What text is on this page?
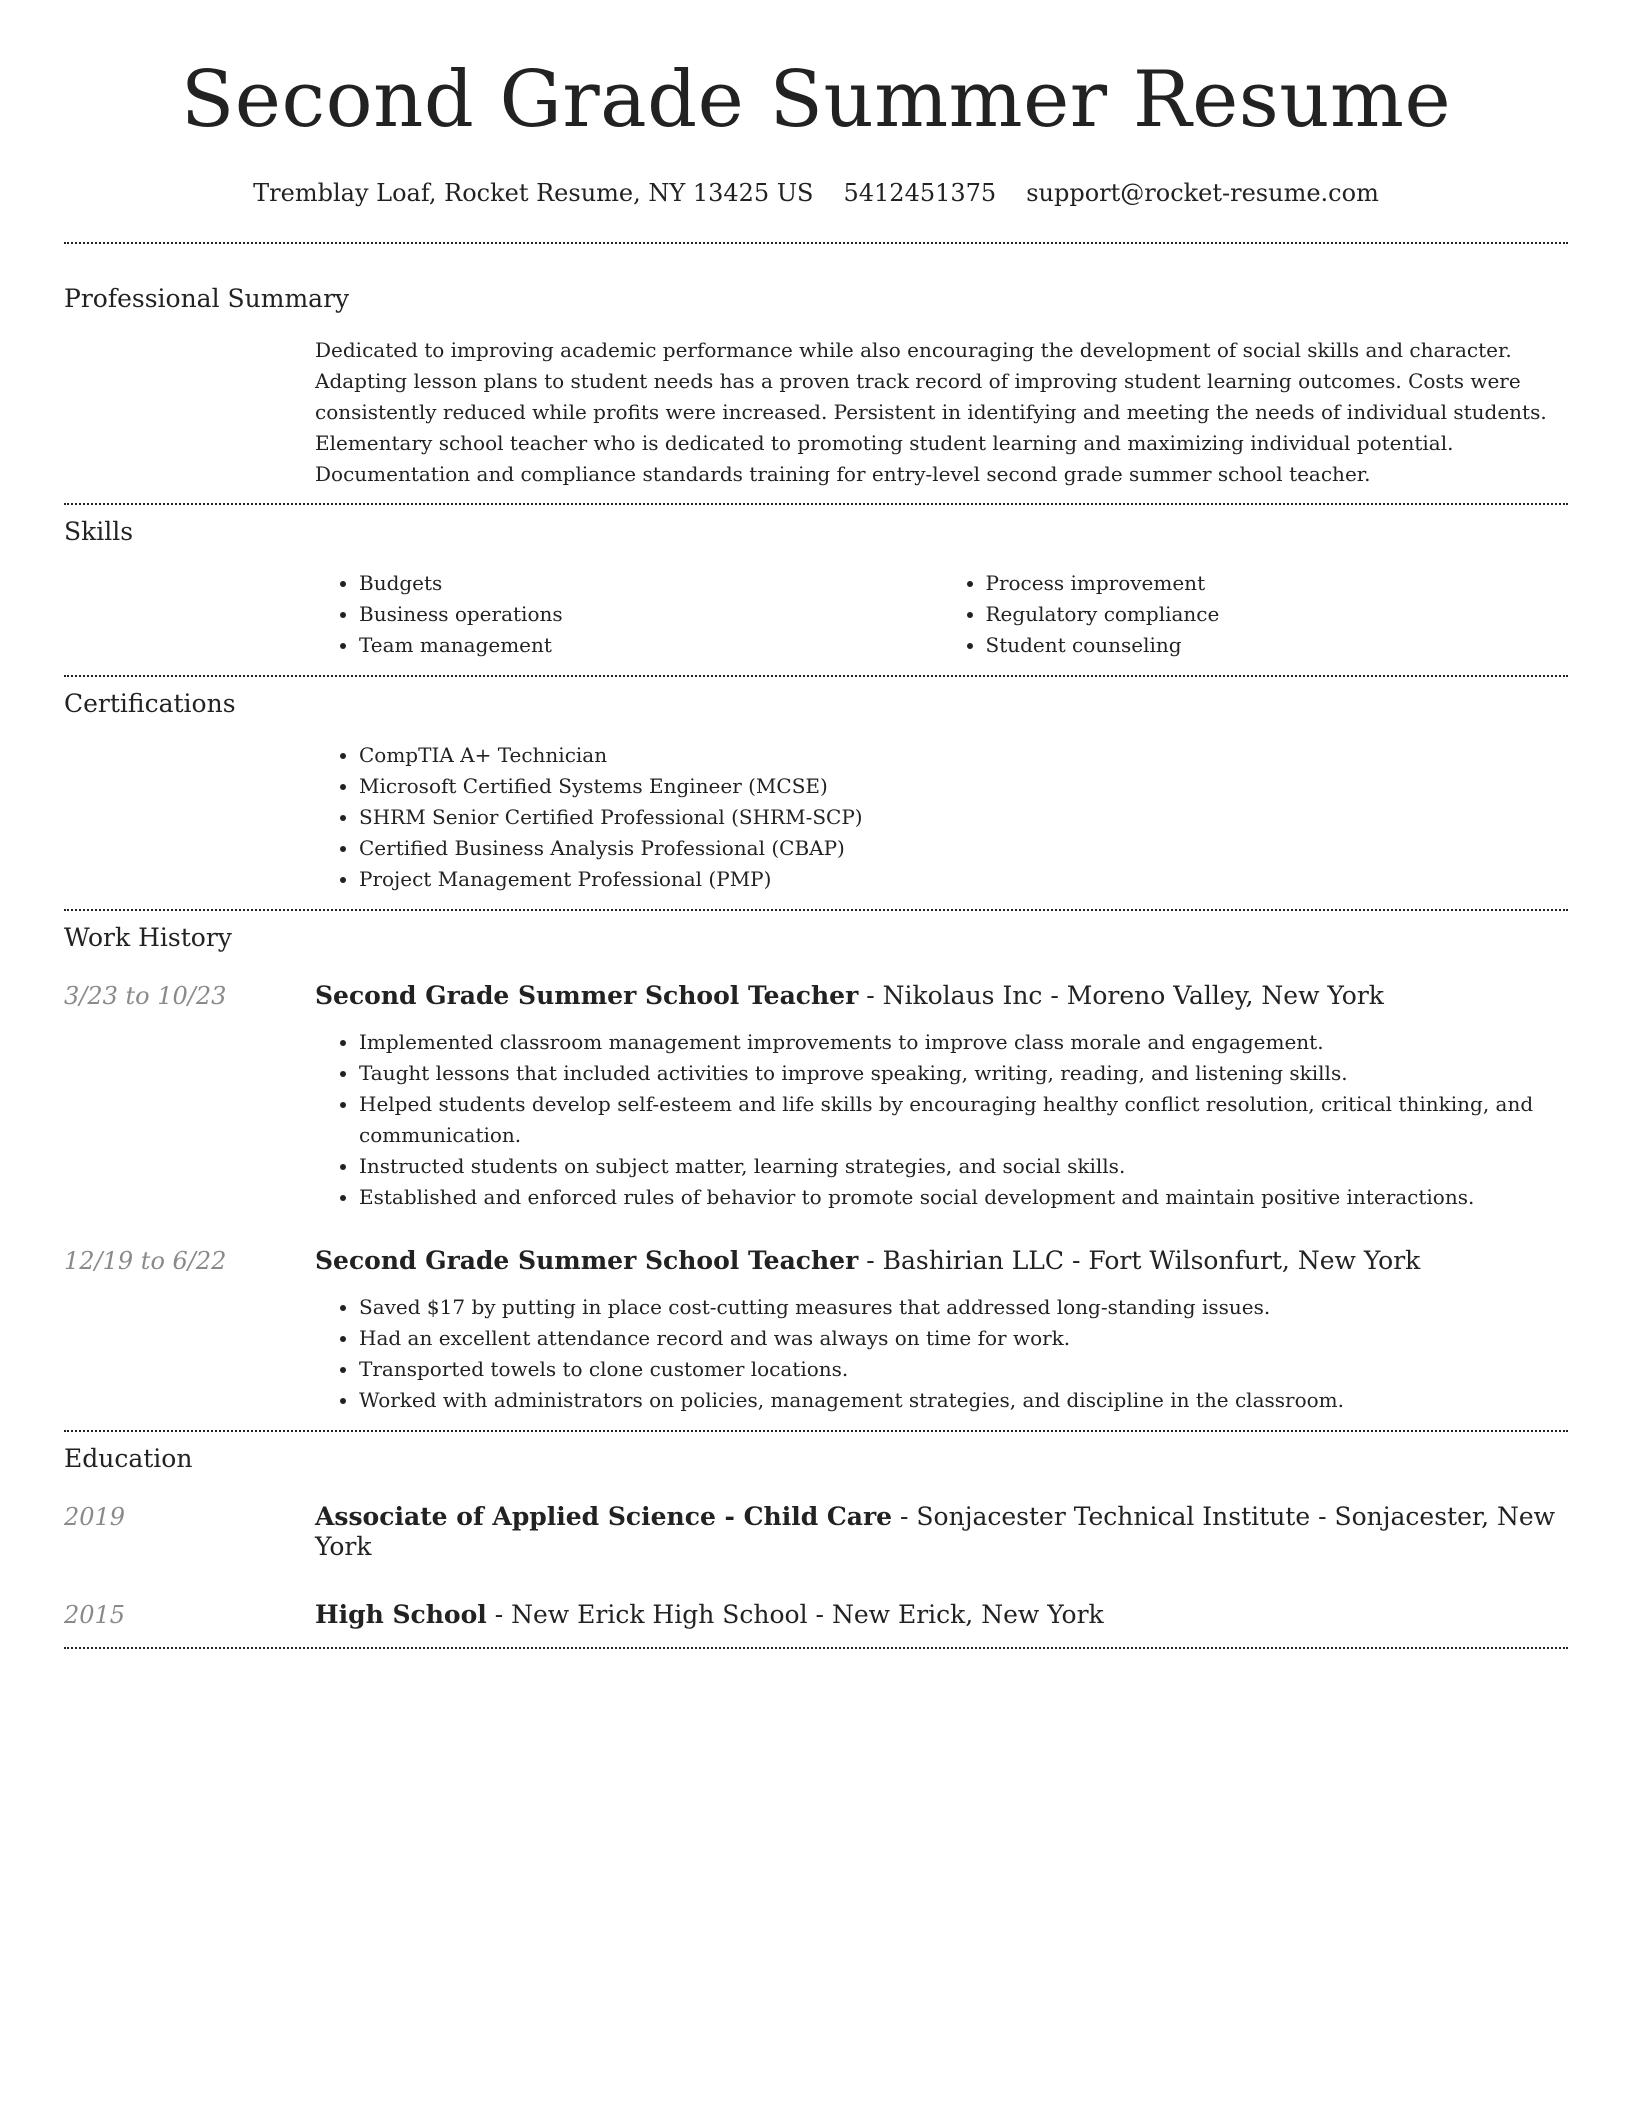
Second Grade Summer Resume
Tremblay Loaf, Rocket Resume, NY 13425 US 5412451375 support@rocket-resume.com
Professional Summary

Dedicated to improving academic performance while also encouraging the development of social skills and character. Adapting lesson plans to student needs has a proven track record of improving student learning outcomes. Costs were consistently reduced while profits were increased. Persistent in identifying and meeting the needs of individual students. Elementary school teacher who is dedicated to promoting student learning and maximizing individual potential. Documentation and compliance standards training for entry-level second grade summer school teacher.

Skills
• Budgets
• Business operations
• Team management
• Process improvement
• Regulatory compliance
• Student counseling
Certifications
• CompTIA A+ Technician
• Microsoft Certified Systems Engineer (MCSE)
• SHRM Senior Certified Professional (SHRM-SCP)
• Certified Business Analysis Professional (CBAP)
• Project Management Professional (PMP)
Work History
3/23 to 10/23	Second Grade Summer School Teacher - Nikolaus Inc - Moreno Valley, New York
• Implemented classroom management improvements to improve class morale and engagement.
• Taught lessons that included activities to improve speaking, writing, reading, and listening skills.
• Helped students develop self-esteem and life skills by encouraging healthy conflict resolution, critical thinking, and communication.
• Instructed students on subject matter, learning strategies, and social skills.
• Established and enforced rules of behavior to promote social development and maintain positive interactions.
12/19 to 6/22	Second Grade Summer School Teacher - Bashirian LLC - Fort Wilsonfurt, New York
• Saved $17 by putting in place cost-cutting measures that addressed long-standing issues.
• Had an excellent attendance record and was always on time for work.
• Transported towels to clone customer locations.
• Worked with administrators on policies, management strategies, and discipline in the classroom.
Education
2019	Associate of Applied Science - Child Care - Sonjacester Technical Institute - Sonjacester, New York
2015	High School - New Erick High School - New Erick, New York
